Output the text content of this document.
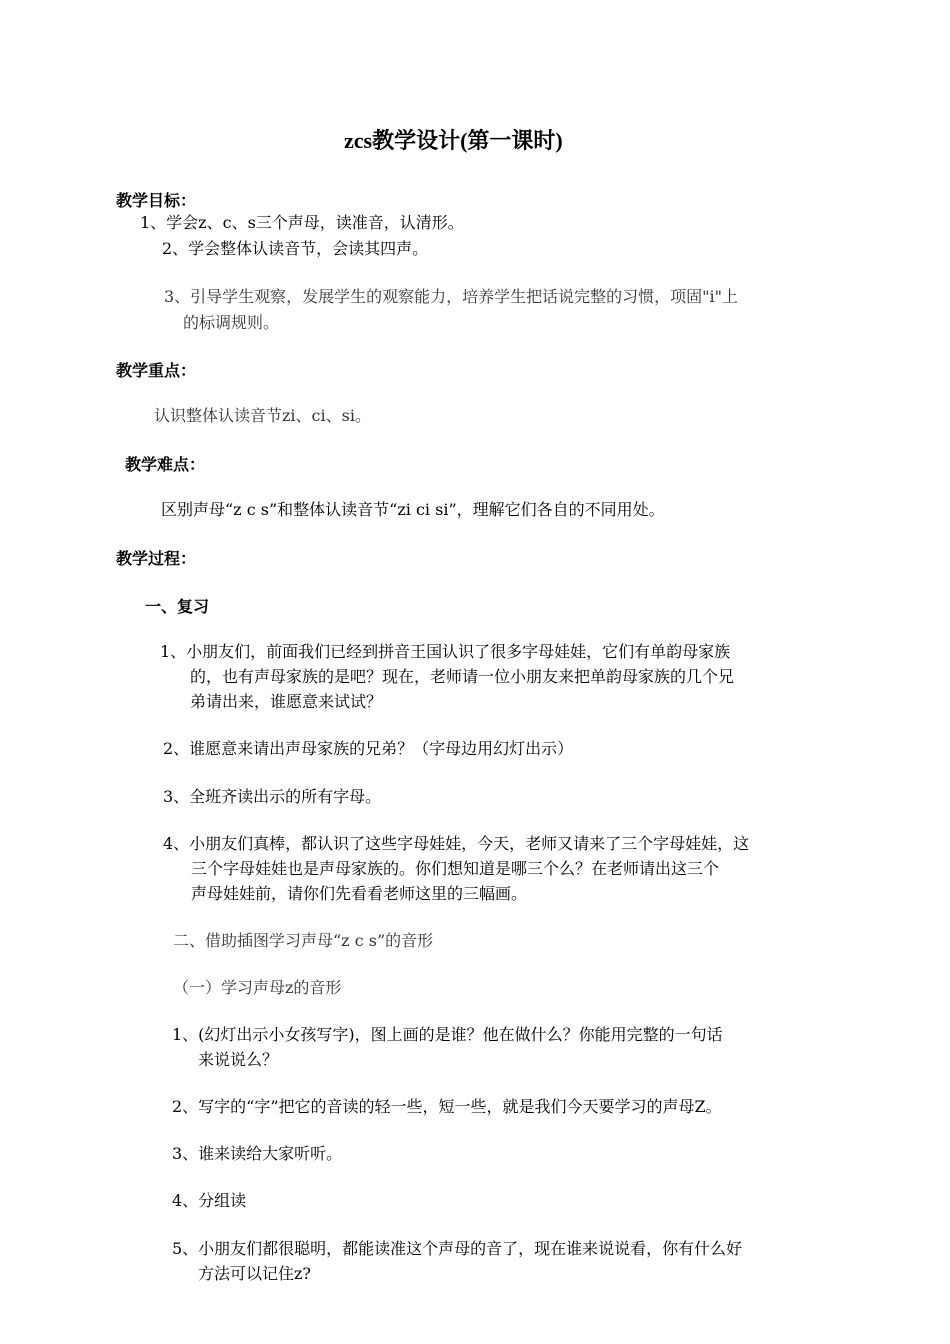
zcs教学设计(第一课时)
教学目标：
1、学会z、c、s三个声母，读准音，认清形。
2、学会整体认读音节，会读其四声。
3、引导学生观察，发展学生的观察能力，培养学生把话说完整的习惯，项固"i"上
的标调规则。
教学重点：
认识整体认读音节zi、ci、si。
教学难点：
区别声母“z c s”和整体认读音节“zi ci si”，理解它们各自的不同用处。
教学过程：
一、复习
1、小朋友们，前面我们已经到拼音王国认识了很多字母娃娃，它们有单韵母家族
的，也有声母家族的是吧？现在，老师请一位小朋友来把单韵母家族的几个兄
弟请出来，谁愿意来试试？
2、谁愿意来请出声母家族的兄弟？（字母边用幻灯出示）
3、全班齐读出示的所有字母。
4、小朋友们真棒，都认识了这些字母娃娃，今天，老师又请来了三个字母娃娃，这
三个字母娃娃也是声母家族的。你们想知道是哪三个么？在老师请出这三个
声母娃娃前，请你们先看看老师这里的三幅画。
二、借助插图学习声母“z c s”的音形
（一）学习声母z的音形
1、(幻灯出示小女孩写字)，图上画的是谁？他在做什么？你能用完整的一句话
来说说么？
2、写字的“字”把它的音读的轻一些，短一些，就是我们今天要学习的声母Z。
3、谁来读给大家听听。
4、分组读
5、小朋友们都很聪明，都能读准这个声母的音了，现在谁来说说看，你有什么好
方法可以记住z?
